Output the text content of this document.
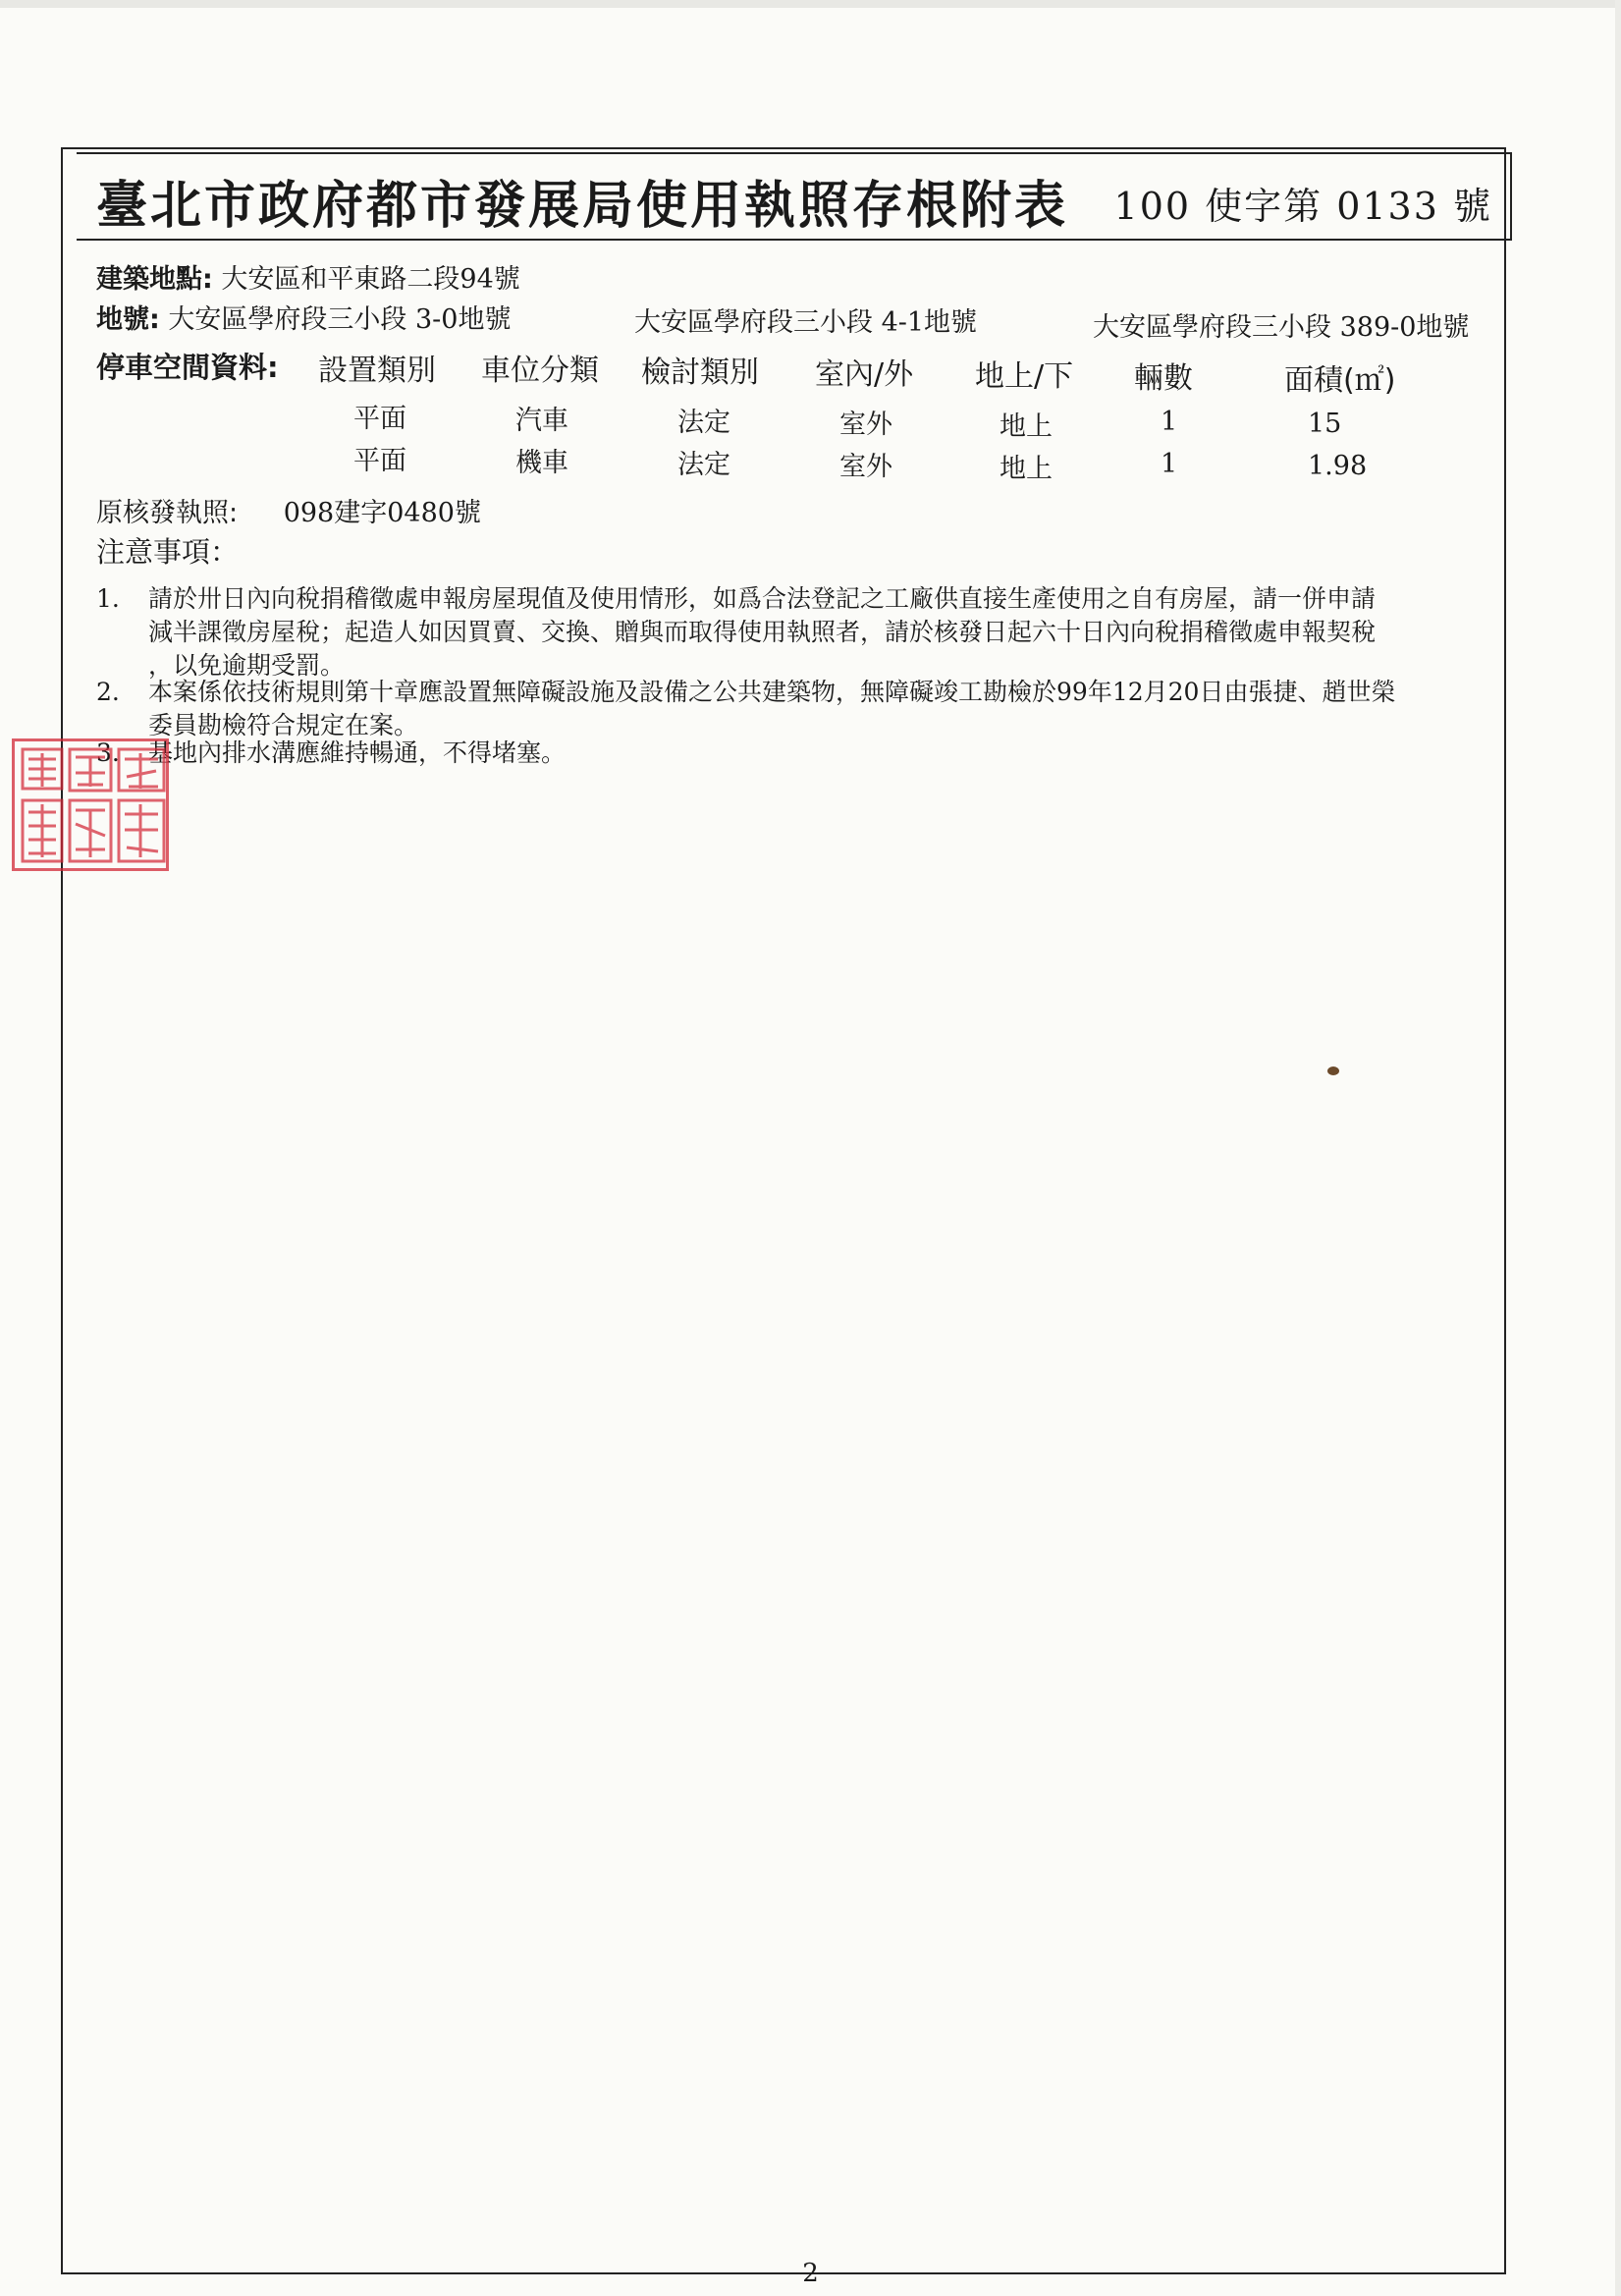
臺北市政府都市發展局使用執照存根附表 100 使字第 0133 號
建築地點: 大安區和平東路二段94號
地號: 大安區學府段三小段 3-0地號	大安區學府段三小段 4-1地號	大安區學府段三小段 389-0地號
停車空間資料: 設置類別 車位分類 檢討類別 室內/外 地上/下 輛數	面積(㎡)
平面	汽車	法定	室外	地上	1	15
平面	機車	法定	室外	地上	1	1.98
原核發執照: 098建字0480號
注意事項：
1. 請於卅日內向稅捐稽徵處申報房屋現值及使用情形，如爲合法登記之工廠供直接生產使用之自有房屋，請一併申請
減半課徵房屋稅；起造人如因買賣、交換、贈與而取得使用執照者，請於核發日起六十日內向稅捐稽徵處申報契稅
，以免逾期受罰。
2. 本案係依技術規則第十章應設置無障礙設施及設備之公共建築物，無障礙竣工勘檢於99年12月20日由張捷、趙世榮
委員勘檢符合規定在案。
3. 基地內排水溝應維持暢通，不得堵塞。
2
